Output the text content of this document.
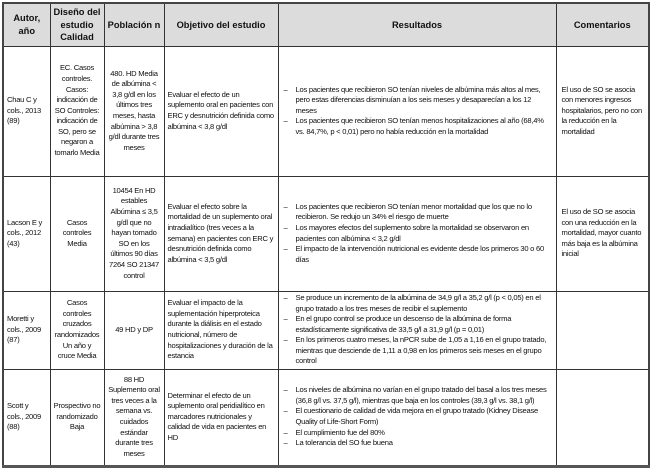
Autor, año	Diseño del estudio Calidad	Población n	Objetivo del estudio	Resultados	Comentarios
Chau C y cols., 2013 (89)	EC. Casos controles. Casos: indicación de SO Controles: indicación de SO, pero se negaron a tomarlo Media	480. HD Media de albúmina < 3,8 g/dl en los últimos tres meses, hasta albúmina > 3,8 g/dl durante tres meses	Evaluar el efecto de un suplemento oral en pacientes con ERC y desnutrición definida como albúmina < 3,8 g/dl	
– Los pacientes que recibieron SO tenían niveles de albúmina más altos al mes, pero estas diferencias disminuían a los seis meses y desaparecían a los 12 meses
– Los pacientes que recibieron SO tenían menos hospitalizaciones al año (68,4% vs. 84,7%, p < 0,01) pero no había reducción en la mortalidad
	El uso de SO se asocia con menores ingresos hospitalarios, pero no con la reducción en la mortalidad
Lacson E y cols., 2012 (43)	Casos controles Media	10454 En HD estables Albúmina ≤ 3,5 g/dl que no hayan tomado SO en los últimos 90 días 7264 SO 21347 control	Evaluar el efecto sobre la mortalidad de un suplemento oral intradialítico (tres veces a la semana) en pacientes con ERC y desnutrición definida como albúmina < 3,5 g/dl	
– Los pacientes que recibieron SO tenían menor mortalidad que los que no lo recibieron. Se redujo un 34% el riesgo de muerte
– Los mayores efectos del suplemento sobre la mortalidad se observaron en pacientes con albúmina < 3,2 g/dl
– El impacto de la intervención nutricional es evidente desde los primeros 30 o 60 días
	El uso de SO se asocia con una reducción en la mortalidad, mayor cuanto más baja es la albúmina inicial
Moretti y cols., 2009 (87)	Casos controles cruzados randomizados Un año y cruce Media	49 HD y DP	Evaluar el impacto de la suplementación hiperproteica durante la diálisis en el estado nutricional, número de hospitalizaciones y duración de la estancia	
– Se produce un incremento de la albúmina de 34,9 g/l a 35,2 g/l (p < 0,05) en el grupo tratado a los tres meses de recibir el suplemento
– En el grupo control se produce un descenso de la albúmina de forma estadísticamente significativa de 33,5 g/l a 31,9 g/l (p = 0,01)
– En los primeros cuatro meses, la nPCR sube de 1,05 a 1,16 en el grupo tratado, mientras que desciende de 1,11 a 0,98 en los primeros seis meses en el grupo control

Scott y cols., 2009 (88)	Prospectivo no randomizado Baja	88 HD Suplemento oral tres veces a la semana vs. cuidados estándar durante tres meses	Determinar el efecto de un suplemento oral peridialítico en marcadores nutricionales y calidad de vida en pacientes en HD	
– Los niveles de albúmina no varían en el grupo tratado del basal a los tres meses (36,8 g/l vs. 37,5 g/l), mientras que baja en los controles (39,3 g/l vs. 38,1 g/l)
– El cuestionario de calidad de vida mejora en el grupo tratado (Kidney Disease Quality of Life-Short Form)
– El cumplimiento fue del 80%
– La tolerancia del SO fue buena
